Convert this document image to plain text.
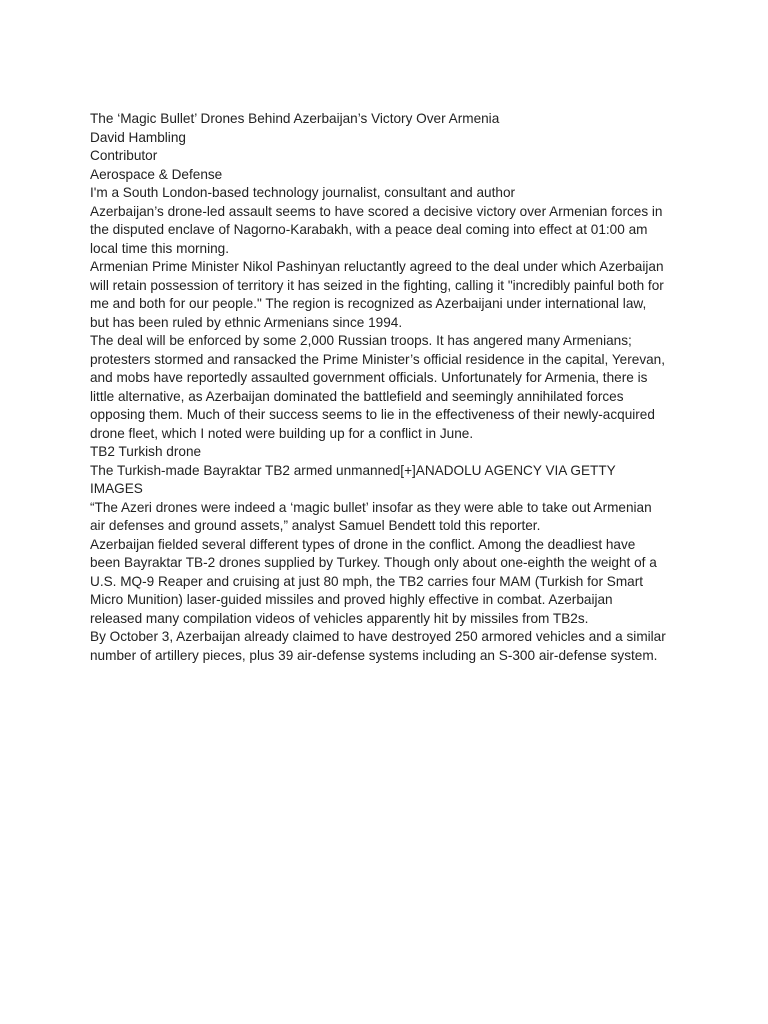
The ‘Magic Bullet’ Drones Behind Azerbaijan’s Victory Over Armenia

David Hambling
Contributor
Aerospace & Defense
I'm a South London-based technology journalist, consultant and author

Azerbaijan’s drone-led assault seems to have scored a decisive victory over Armenian forces in
the disputed enclave of Nagorno-Karabakh, with a peace deal coming into effect at 01:00 am
local time this morning.

Armenian Prime Minister Nikol Pashinyan reluctantly agreed to the deal under which Azerbaijan
will retain possession of territory it has seized in the fighting, calling it "incredibly painful both for
me and both for our people." The region is recognized as Azerbaijani under international law,
but has been ruled by ethnic Armenians since 1994.

The deal will be enforced by some 2,000 Russian troops. It has angered many Armenians;
protesters stormed and ransacked the Prime Minister’s official residence in the capital, Yerevan,
and mobs have reportedly assaulted government officials. Unfortunately for Armenia, there is
little alternative, as Azerbaijan dominated the battlefield and seemingly annihilated forces
opposing them. Much of their success seems to lie in the effectiveness of their newly-acquired
drone fleet, which I noted were building up for a conflict in June.

TB2 Turkish drone
The Turkish-made Bayraktar TB2 armed unmanned[+]ANADOLU AGENCY VIA GETTY
IMAGES

“The Azeri drones were indeed a ‘magic bullet’ insofar as they were able to take out Armenian
air defenses and ground assets,” analyst Samuel Bendett told this reporter.

Azerbaijan fielded several different types of drone in the conflict. Among the deadliest have
been Bayraktar TB-2 drones supplied by Turkey. Though only about one-eighth the weight of a
U.S. MQ-9 Reaper and cruising at just 80 mph, the TB2 carries four MAM (Turkish for Smart
Micro Munition) laser-guided missiles and proved highly effective in combat. Azerbaijan
released many compilation videos of vehicles apparently hit by missiles from TB2s.

By October 3, Azerbaijan already claimed to have destroyed 250 armored vehicles and a similar
number of artillery pieces, plus 39 air-defense systems including an S-300 air-defense system.
